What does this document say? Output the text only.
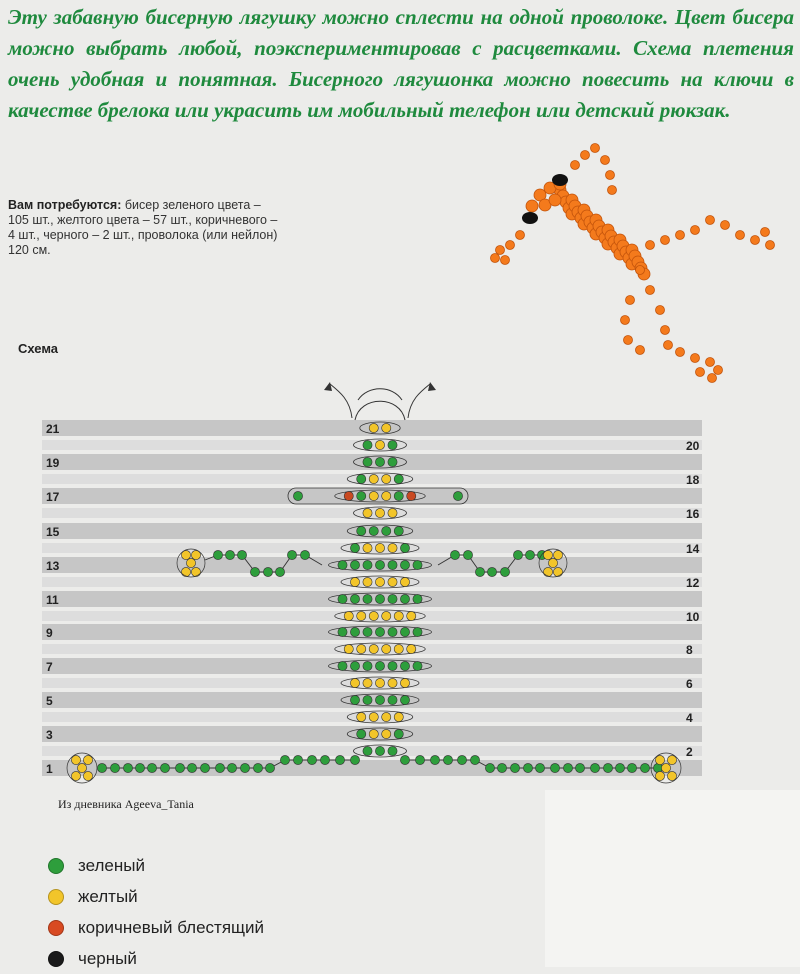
Эту забавную бисерную лягушку можно сплести на одной проволоке. Цвет бисера можно выбрать любой, поэкспериментировав с расцветками. Схема плетения очень удобная и понятная. Бисерного лягушонка можно повесить на ключи в качестве брелока или украсить им мобильный телефон или детский рюкзак.

Вам потребуются: бисер зеленого цвета – 105 шт., желтого цвета – 57 шт., коричневого – 4 шт., черного – 2 шт., проволока (или нейлон) 120 см.

Схема
21
19
17
15
13
11
9
7
5
3
1
20
18
16
14
12
10
8
6
4
2
Из дневника Ageeva_Tania
зеленый
желтый
коричневый блестящий
черный
